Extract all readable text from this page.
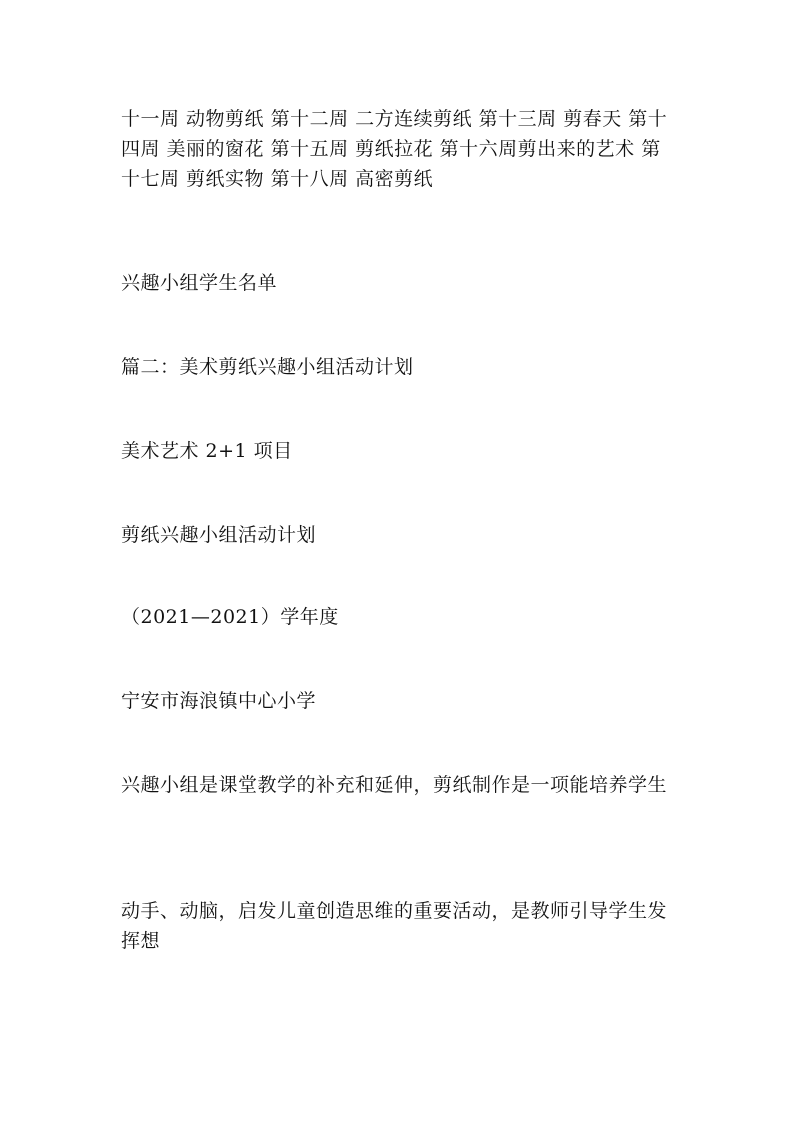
十一周 动物剪纸 第十二周 二方连续剪纸 第十三周 剪春天 第十四周 美丽的窗花 第十五周 剪纸拉花 第十六周剪出来的艺术 第十七周 剪纸实物 第十八周 高密剪纸

兴趣小组学生名单

篇二：美术剪纸兴趣小组活动计划

美术艺术 2+1 项目

剪纸兴趣小组活动计划

（2021—2021）学年度

宁安市海浪镇中心小学

兴趣小组是课堂教学的补充和延伸，剪纸制作是一项能培养学生

动手、动脑，启发儿童创造思维的重要活动，是教师引导学生发挥想
